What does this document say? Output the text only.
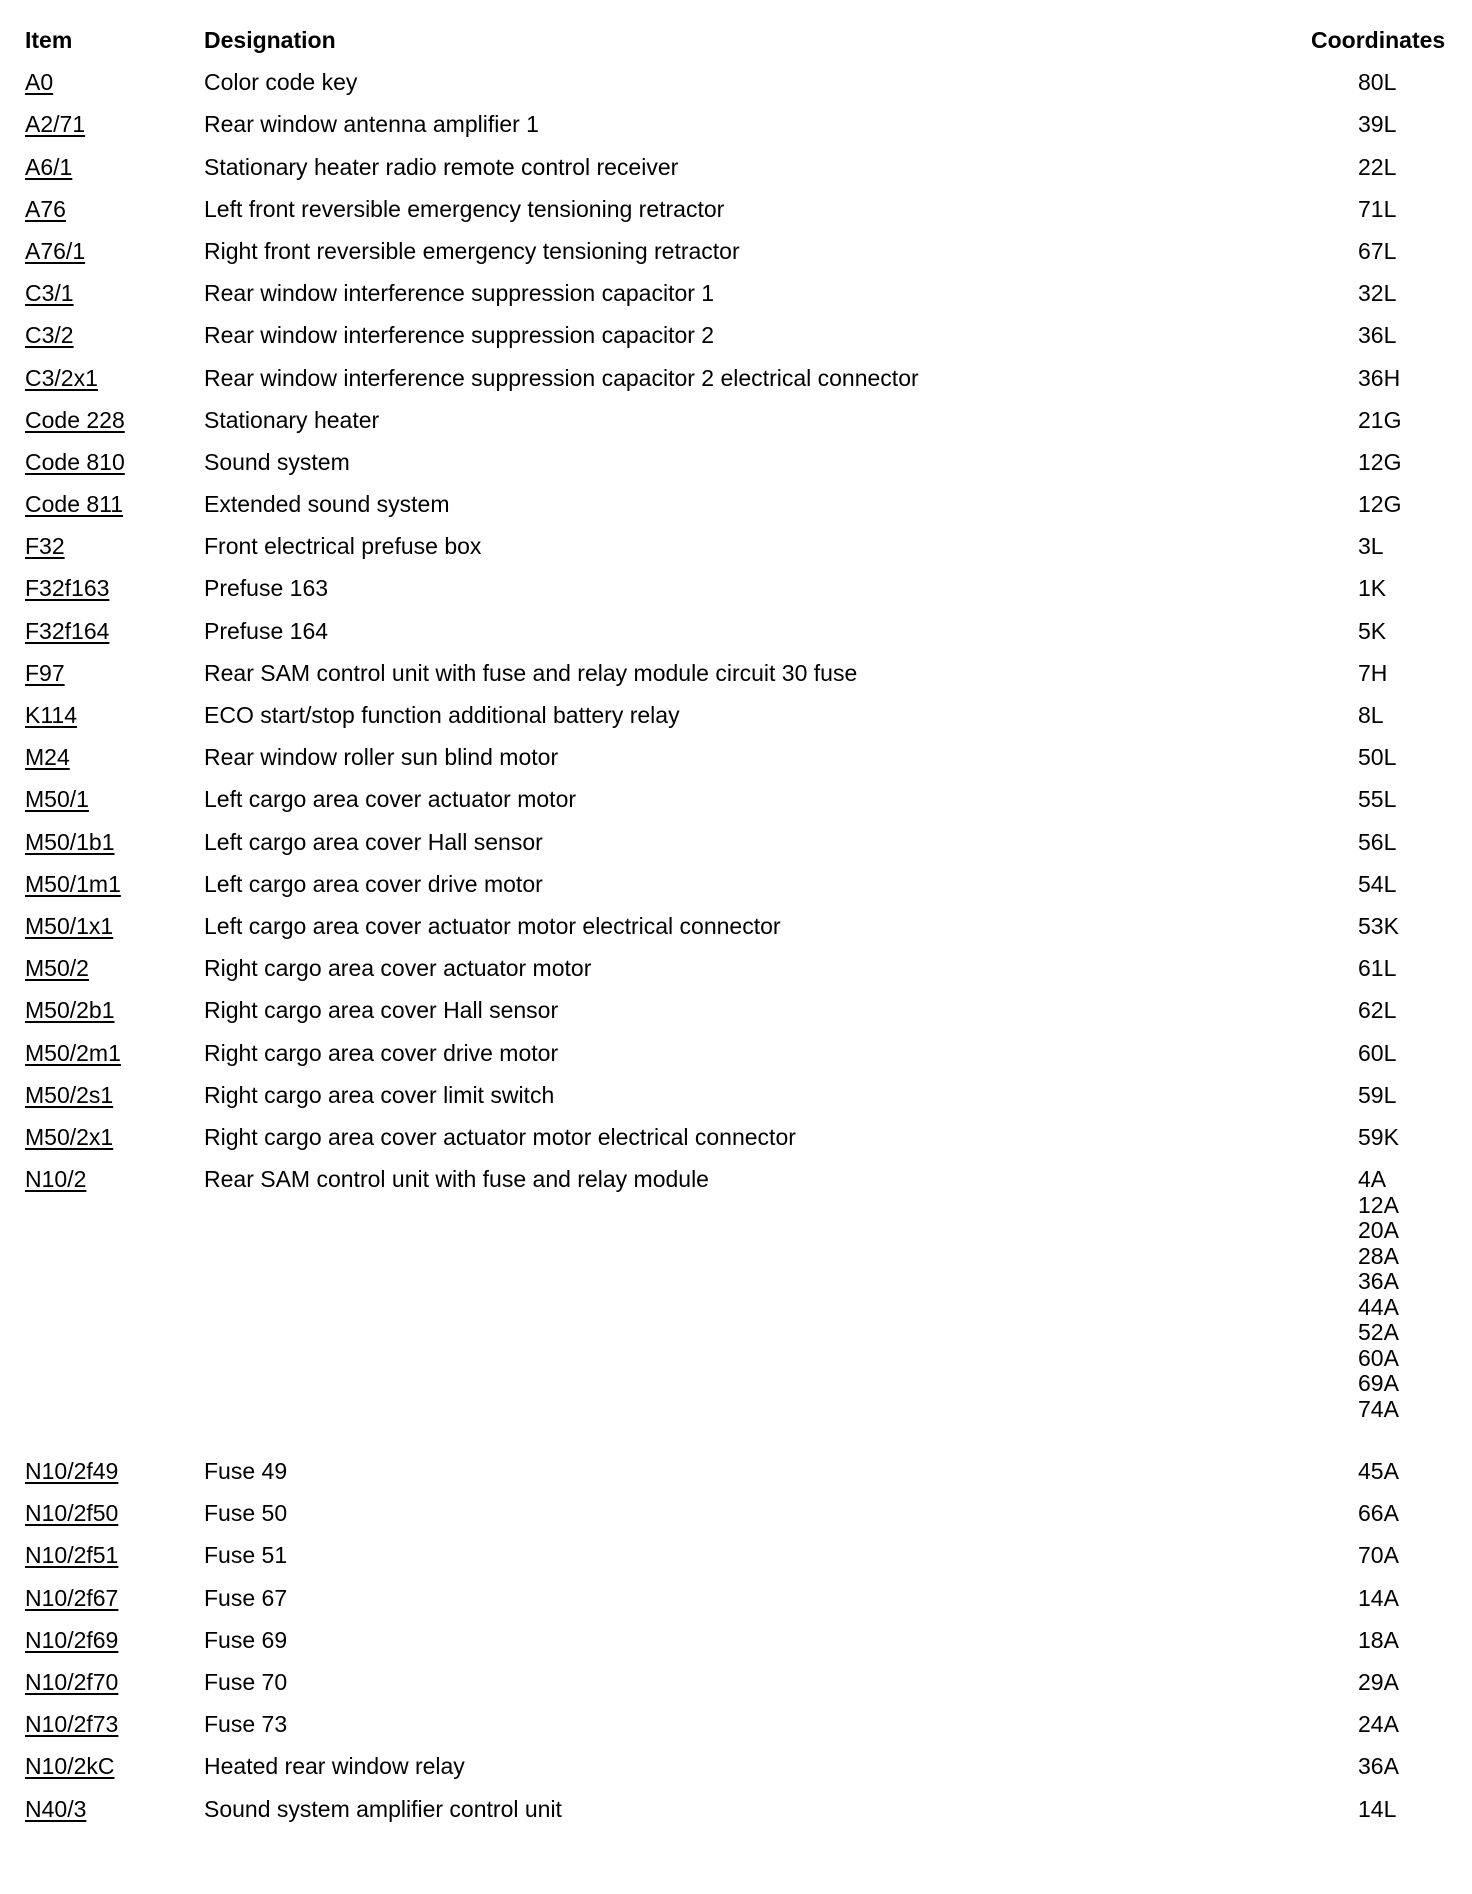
Item	Designation	Coordinates
A0	Color code key	80L
A2/71	Rear window antenna amplifier 1	39L
A6/1	Stationary heater radio remote control receiver	22L
A76	Left front reversible emergency tensioning retractor	71L
A76/1	Right front reversible emergency tensioning retractor	67L
C3/1	Rear window interference suppression capacitor 1	32L
C3/2	Rear window interference suppression capacitor 2	36L
C3/2x1	Rear window interference suppression capacitor 2 electrical connector	36H
Code 228	Stationary heater	21G
Code 810	Sound system	12G
Code 811	Extended sound system	12G
F32	Front electrical prefuse box	3L
F32f163	Prefuse 163	1K
F32f164	Prefuse 164	5K
F97	Rear SAM control unit with fuse and relay module circuit 30 fuse	7H
K114	ECO start/stop function additional battery relay	8L
M24	Rear window roller sun blind motor	50L
M50/1	Left cargo area cover actuator motor	55L
M50/1b1	Left cargo area cover Hall sensor	56L
M50/1m1	Left cargo area cover drive motor	54L
M50/1x1	Left cargo area cover actuator motor electrical connector	53K
M50/2	Right cargo area cover actuator motor	61L
M50/2b1	Right cargo area cover Hall sensor	62L
M50/2m1	Right cargo area cover drive motor	60L
M50/2s1	Right cargo area cover limit switch	59L
M50/2x1	Right cargo area cover actuator motor electrical connector	59K
N10/2	Rear SAM control unit with fuse and relay module	4A
12A
20A
28A
36A
44A
52A
60A
69A
74A
N10/2f49	Fuse 49	45A
N10/2f50	Fuse 50	66A
N10/2f51	Fuse 51	70A
N10/2f67	Fuse 67	14A
N10/2f69	Fuse 69	18A
N10/2f70	Fuse 70	29A
N10/2f73	Fuse 73	24A
N10/2kC	Heated rear window relay	36A
N40/3	Sound system amplifier control unit	14L
